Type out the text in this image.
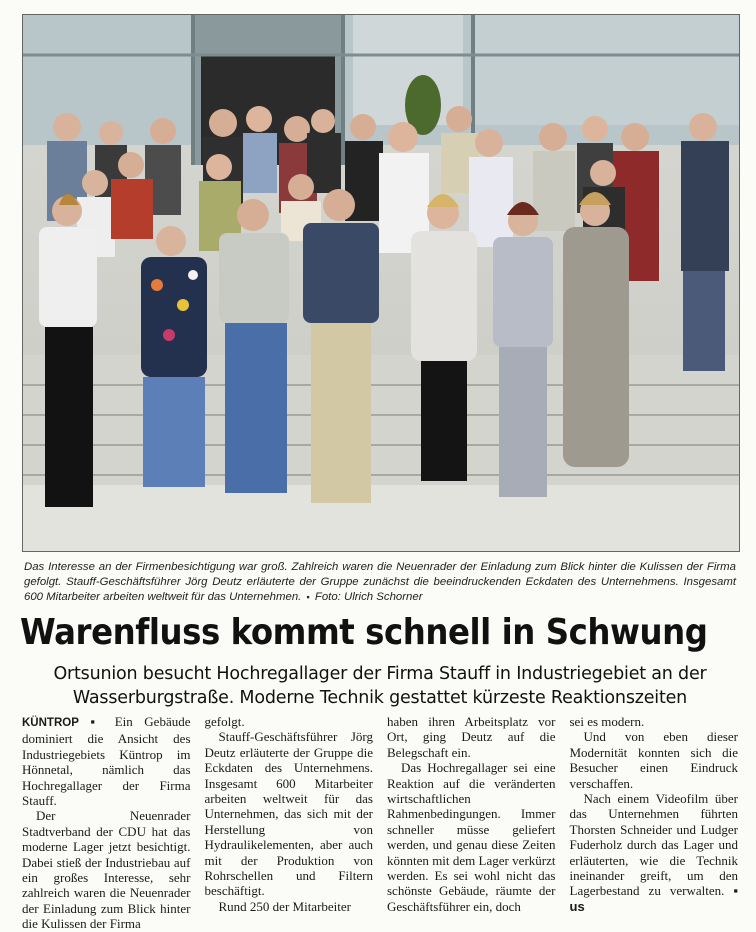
Das Interesse an der Firmenbesichtigung war groß. Zahlreich waren die Neuenrader der Einladung zum Blick hinter die Kulissen der Firma gefolgt. Stauff-Geschäftsführer Jörg Deutz erläuterte der Gruppe zunächst die beeindruckenden Eckdaten des Unternehmens. Insgesamt 600 Mitarbeiter arbeiten weltweit für das Unternehmen. ▪ Foto: Ulrich Schorner
Warenfluss kommt schnell in Schwung
Ortsunion besucht Hochregallager der Firma Stauff in Industriegebiet an der Wasserburgstraße. Moderne Technik gestattet kürzeste Reaktionszeiten

KÜNTROP ▪ Ein Gebäude dominiert die Ansicht des Industriegebiets Küntrop im Hönnetal, nämlich das Hochregallager der Firma Stauff.

Der Neuenrader Stadtverband der CDU hat das moderne Lager jetzt besichtigt. Dabei stieß der Industriebau auf ein großes Interesse, sehr zahlreich waren die Neuenrader der Einladung zum Blick hinter die Kulissen der Firma

gefolgt.

Stauff-Geschäftsführer Jörg Deutz erläuterte der Gruppe die Eckdaten des Unternehmens. Insgesamt 600 Mitarbeiter arbeiten weltweit für das Unternehmen, das sich mit der Herstellung von Hydraulikelementen, aber auch mit der Produktion von Rohrschellen und Filtern beschäftigt.

Rund 250 der Mitarbeiter

haben ihren Arbeitsplatz vor Ort, ging Deutz auf die Belegschaft ein.

Das Hochregallager sei eine Reaktion auf die veränderten wirtschaftlichen Rahmenbedingungen. Immer schneller müsse geliefert werden, und genau diese Zeiten könnten mit dem Lager verkürzt werden. Es sei wohl nicht das schönste Gebäude, räumte der Geschäftsführer ein, doch

sei es modern.

Und von eben dieser Modernität konnten sich die Besucher einen Eindruck verschaffen.

Nach einem Videofilm über das Unternehmen führten Thorsten Schneider und Ludger Fuderholz durch das Lager und erläuterten, wie die Technik ineinander greift, um den Lagerbestand zu verwalten. ▪ us
